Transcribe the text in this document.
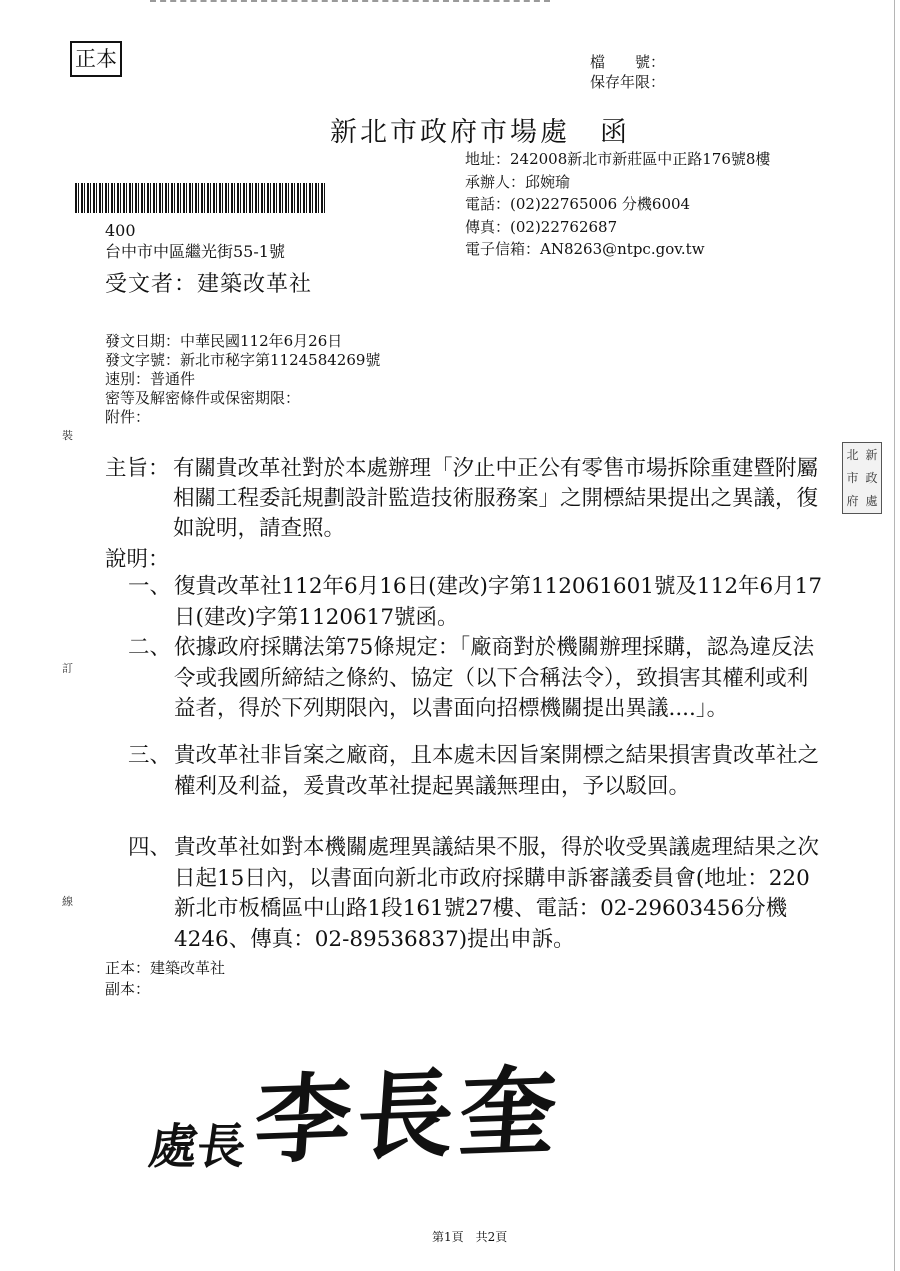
正本	檔　　號：
保存年限：
新北市政府市場處　函
地址：242008新北市新莊區中正路176號8樓
承辦人：邱婉瑜
電話：(02)22765006 分機6004
傳真：(02)22762687
電子信箱：AN8263@ntpc.gov.tw
400
台中市中區繼光街55-1號
受文者：建築改革社
發文日期：中華民國112年6月26日
發文字號：新北市秘字第1124584269號
速別：普通件
密等及解密條件或保密期限：
附件：
裝
訂
線
北 新
市 政
府 處
主旨： 有關貴改革社對於本處辦理「汐止中正公有零售市場拆除重建暨附屬相關工程委託規劃設計監造技術服務案」之開標結果提出之異議，復如說明，請查照。
說明：
一、 復貴改革社112年6月16日(建改)字第112061601號及112年6月17日(建改)字第1120617號函。
二、 依據政府採購法第75條規定：「廠商對於機關辦理採購，認為違反法令或我國所締結之條約、協定（以下合稱法令），致損害其權利或利益者，得於下列期限內，以書面向招標機關提出異議....」。
三、 貴改革社非旨案之廠商，且本處未因旨案開標之結果損害貴改革社之權利及利益，爰貴改革社提起異議無理由，予以駁回。
四、 貴改革社如對本機關處理異議結果不服，得於收受異議處理結果之次日起15日內，以書面向新北市政府採購申訴審議委員會(地址：220新北市板橋區中山路1段161號27樓、電話：02-29603456分機4246、傳真：02-89536837)提出申訴。
正本：建築改革社
副本：
處長李長奎
第1頁　共2頁
